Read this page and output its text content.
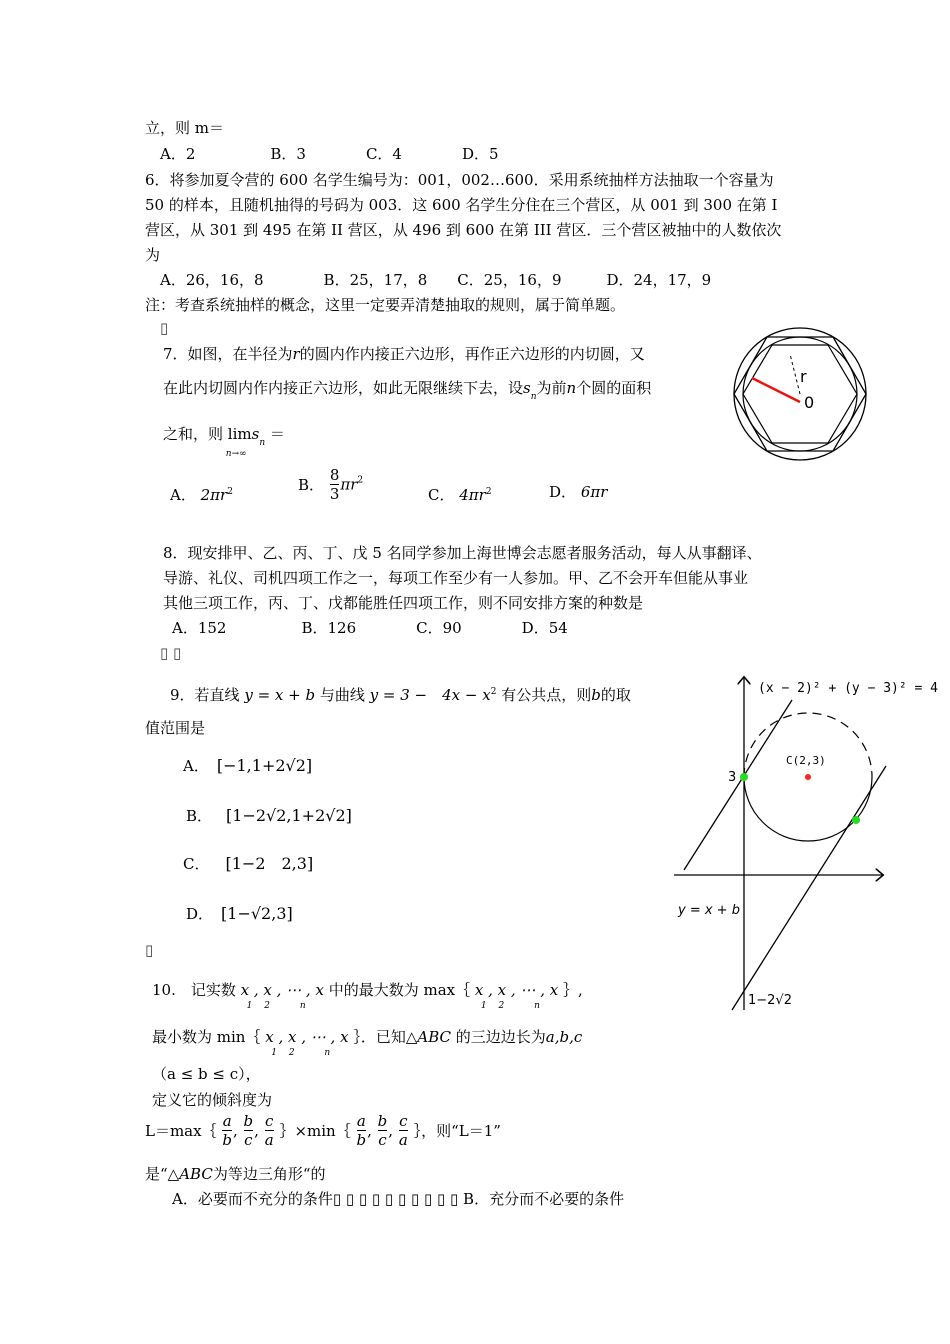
立，则 m＝
A．2　　　　　B．3　　　　C．4　　　　D．5
6．将参加夏令营的 600 名学生编号为：001，002…600．采用系统抽样方法抽取一个容量为
50 的样本，且随机抽得的号码为 003．这 600 名学生分住在三个营区，从 001 到 300 在第 I
营区，从 301 到 495 在第 II 营区，从 496 到 600 在第 III 营区．三个营区被抽中的人数依次
为
A．26，16，8　　　　B．25，17，8　　C．25，16，9　　　D．24，17，9
注：考查系统抽样的概念，这里一定要弄清楚抽取的规则，属于简单题。
▯
7．如图，在半径为r的圆内作内接正六边形，再作正六边形的内切圆，又
在此内切圆内作内接正六边形，如此无限继续下去，设$s_n$为前n个圆的面积
之和，则 lim
n→∞
$s_n$ ＝
A． $2\pi r^2$	B． $\frac{8}{3} \pi r^2$
C． $4\pi r^2$	D． 6πr
r
0
8．现安排甲、乙、丙、丁、戊 5 名同学参加上海世博会志愿者服务活动，每人从事翻译、
导游、礼仪、司机四项工作之一，每项工作至少有一人参加。甲、乙不会开车但能从事业
其他三项工作，丙、丁、戊都能胜任四项工作，则不同安排方案的种数是
A．152　　　　　B．126　　　　C．90　　　　D．54
▯ ▯
9．若直线 y = x + b 与曲线 y = 3 −　$4x - x^2$ 有公共点，则b的取
值范围是
A． [−1,1+2√2]
B． [1−2√2,1+2√2]
C． [1−2　2,3]
D． [1−√2,3]
▯
(x − 2)² + (y − 3)² = 4
C(2,3)
3
y = x + b
1−2√2
10.　记实数 x , x , ⋯ , x
1　 2　　　 n
中的最大数为 max｛ x , x , ⋯ , x
1　 2　　　 n
｝,
最小数为 min｛ x , x , ⋯ , x
1　 2　　　 n
｝．已知△ABC 的三边边长为a,b,c
（a ≤ b ≤ c），
定义它的倾斜度为
L＝max｛ $\frac{a}{b}$ , $\frac{b}{c}$ , $\frac{c}{a}$ ｝×min｛ $\frac{a}{b}$ , $\frac{b}{c}$ , $\frac{c}{a}$ ｝，则“L＝1”
是“△ABC为等边三角形“的
A．必要而不充分的条件▯ ▯ ▯ ▯ ▯ ▯ ▯ ▯ ▯ ▯ B．充分而不必要的条件
